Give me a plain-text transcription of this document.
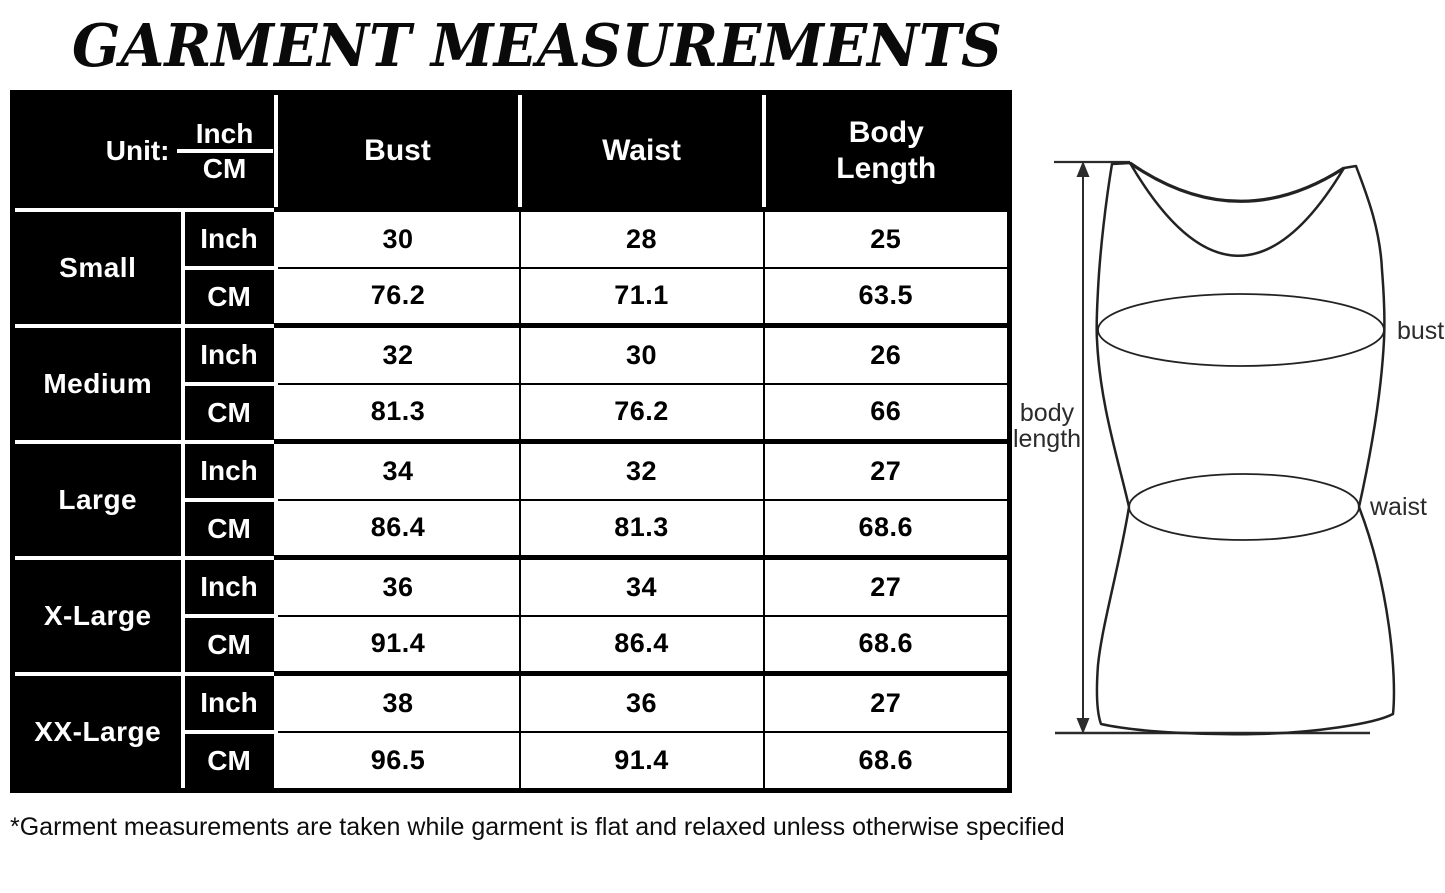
GARMENT MEASUREMENTS
Unit: $\frac{\text{Inch}}{CM}$		Bust	Waist	Body Length
Small	Inch	30	28	25
	CM	76.2	71.1	63.5
Medium	Inch	32	30	26
	CM	81.3	76.2	66
Large	Inch	34	32	27
	CM	86.4	81.3	68.6
X-Large	Inch	36	34	27
	CM	91.4	86.4	68.6
XX-Large	Inch	38	36	27
	CM	96.5	91.4	68.6
*Garment measurements are taken while garment is flat and relaxed unless otherwise specified
body
length
bust
waist
